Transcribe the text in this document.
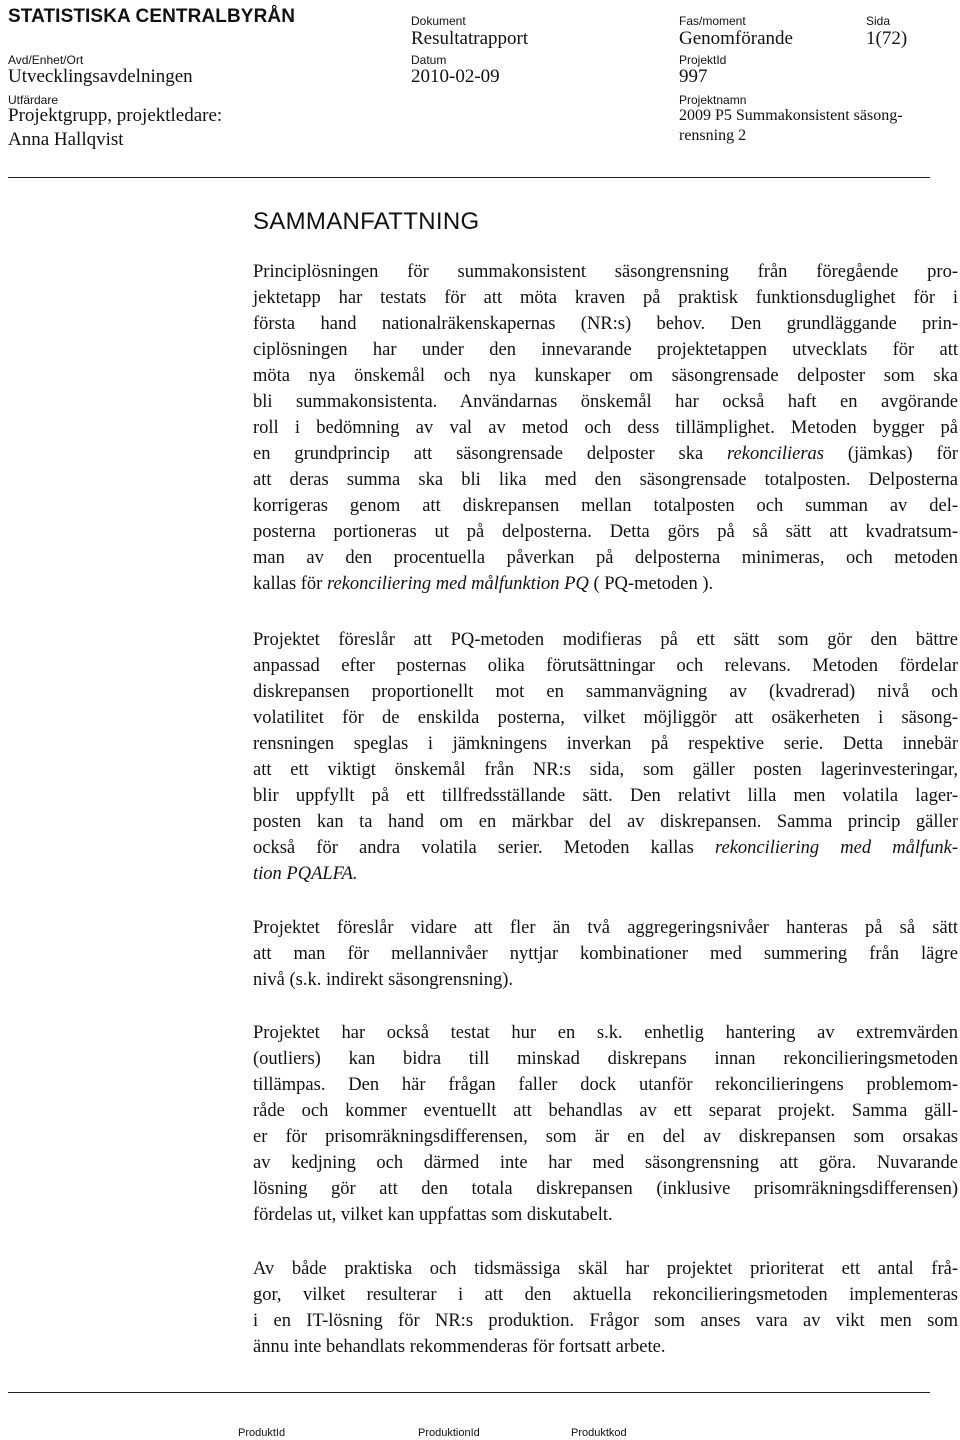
STATISTISKA CENTRALBYRÅN
Avd/Enhet/Ort
Utvecklingsavdelningen
Utfärdare
Projektgrupp, projektledare:
Anna Hallqvist
Dokument
Resultatrapport
Datum
2010-02-09
Fas/moment
Genomförande
Sida
1(72)
ProjektId
997
Projektnamn
2009 P5 Summakonsistent säsong-
rensning 2
SAMMANFATTNING
Principlösningen för summakonsistent säsongrensning från föregående pro-
jektetapp har testats för att möta kraven på praktisk funktionsduglighet för i
första hand nationalräkenskapernas (NR:s) behov. Den grundläggande prin-
ciplösningen har under den innevarande projektetappen utvecklats för att
möta nya önskemål och nya kunskaper om säsongrensade delposter som ska
bli summakonsistenta. Användarnas önskemål har också haft en avgörande
roll i bedömning av val av metod och dess tillämplighet. Metoden bygger på
en grundprincip att säsongrensade delposter ska rekoncilieras (jämkas) för
att deras summa ska bli lika med den säsongrensade totalposten. Delposterna
korrigeras genom att diskrepansen mellan totalposten och summan av del-
posterna portioneras ut på delposterna. Detta görs på så sätt att kvadratsum-
man av den procentuella påverkan på delposterna minimeras, och metoden
kallas för rekonciliering med målfunktion PQ ( PQ-metoden ).
Projektet föreslår att PQ-metoden modifieras på ett sätt som gör den bättre
anpassad efter posternas olika förutsättningar och relevans. Metoden fördelar
diskrepansen proportionellt mot en sammanvägning av (kvadrerad) nivå och
volatilitet för de enskilda posterna, vilket möjliggör att osäkerheten i säsong-
rensningen speglas i jämkningens inverkan på respektive serie. Detta innebär
att ett viktigt önskemål från NR:s sida, som gäller posten lagerinvesteringar,
blir uppfyllt på ett tillfredsställande sätt. Den relativt lilla men volatila lager-
posten kan ta hand om en märkbar del av diskrepansen. Samma princip gäller
också för andra volatila serier. Metoden kallas rekonciliering med målfunk-
tion PQALFA.
Projektet föreslår vidare att fler än två aggregeringsnivåer hanteras på så sätt
att man för mellannivåer nyttjar kombinationer med summering från lägre
nivå (s.k. indirekt säsongrensning).
Projektet har också testat hur en s.k. enhetlig hantering av extremvärden
(outliers) kan bidra till minskad diskrepans innan rekoncilieringsmetoden
tillämpas. Den här frågan faller dock utanför rekoncilieringens problemom-
råde och kommer eventuellt att behandlas av ett separat projekt. Samma gäll-
er för prisomräkningsdifferensen, som är en del av diskrepansen som orsakas
av kedjning och därmed inte har med säsongrensning att göra. Nuvarande
lösning gör att den totala diskrepansen (inklusive prisomräkningsdifferensen)
fördelas ut, vilket kan uppfattas som diskutabelt.
Av både praktiska och tidsmässiga skäl har projektet prioriterat ett antal frå-
gor, vilket resulterar i att den aktuella rekoncilieringsmetoden implementeras
i en IT-lösning för NR:s produktion. Frågor som anses vara av vikt men som
ännu inte behandlats rekommenderas för fortsatt arbete.
ProduktId	ProduktionId	Produktkod
